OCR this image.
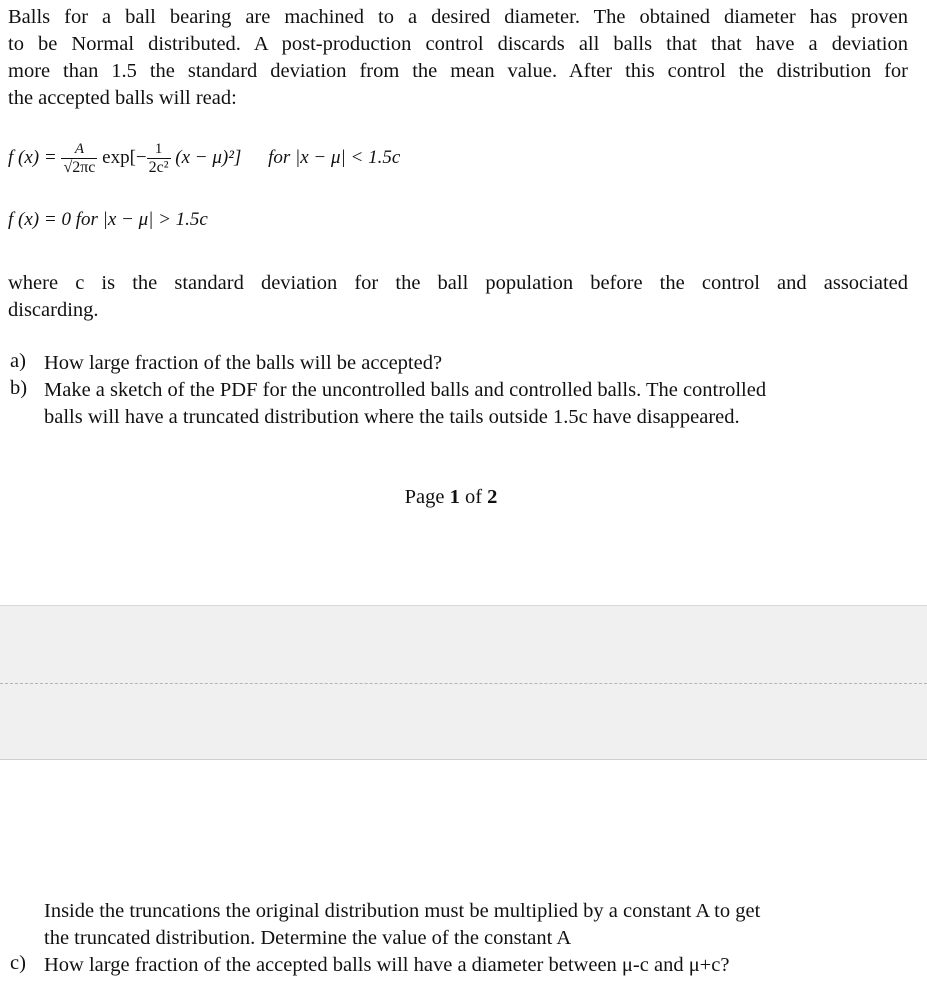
Balls for a ball bearing are machined to a desired diameter. The obtained diameter has proven
to be Normal distributed. A post-production control discards all balls that that have a deviation
more than 1.5 the standard deviation from the mean value. After this control the distribution for
the accepted balls will read:
f $(x) = \frac{A}{√2\pi c} \exp[- \frac{1}{\text{2c²}} (x - \mu)^2]$ for |x − μ| < 1.5c
f (x) = 0 for |x − μ| > 1.5c
where c is the standard deviation for the ball population before the control and associated
discarding.
a) How large fraction of the balls will be accepted?
b) Make a sketch of the PDF for the uncontrolled balls and controlled balls. The controlled
balls will have a truncated distribution where the tails outside 1.5c have disappeared.
Page 1 of 2
Inside the truncations the original distribution must be multiplied by a constant A to get
the truncated distribution. Determine the value of the constant A
c) How large fraction of the accepted balls will have a diameter between μ-c and μ+c?
